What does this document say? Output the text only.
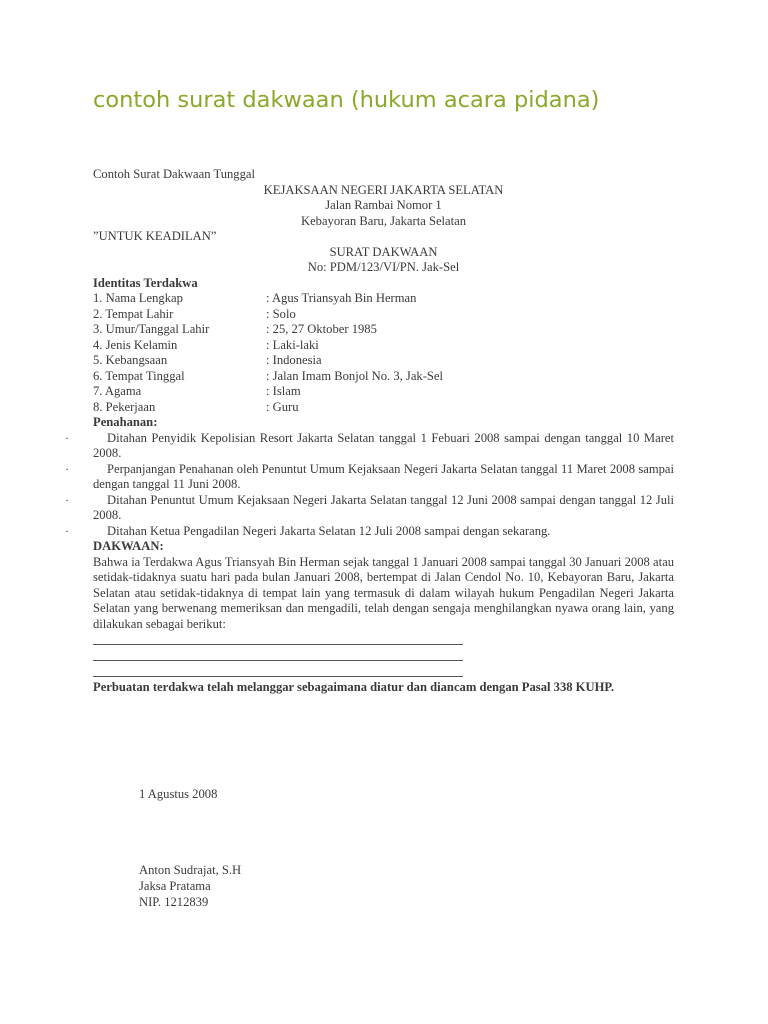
contoh surat dakwaan (hukum acara pidana)
Contoh Surat Dakwaan Tunggal
KEJAKSAAN NEGERI JAKARTA SELATAN
Jalan Rambai Nomor 1
Kebayoran Baru, Jakarta Selatan
”UNTUK KEADILAN”
SURAT DAKWAAN
No: PDM/123/VI/PN. Jak-Sel
Identitas Terdakwa
1. Nama Lengkap	: Agus Triansyah Bin Herman
2. Tempat Lahir	: Solo
3. Umur/Tanggal Lahir	: 25, 27 Oktober 1985
4. Jenis Kelamin	: Laki-laki
5. Kebangsaan	: Indonesia
6. Tempat Tinggal	: Jalan Imam Bonjol No. 3, Jak-Sel
7. Agama	: Islam
8. Pekerjaan	: Guru
Penahanan:
·	Ditahan Penyidik Kepolisian Resort Jakarta Selatan tanggal 1 Febuari 2008 sampai dengan tanggal 10 Maret 2008.
·	Perpanjangan Penahanan oleh Penuntut Umum Kejaksaan Negeri Jakarta Selatan tanggal 11 Maret 2008 sampai dengan tanggal 11 Juni 2008.
·	Ditahan Penuntut Umum Kejaksaan Negeri Jakarta Selatan tanggal 12 Juni 2008 sampai dengan tanggal 12 Juli 2008.
·	Ditahan Ketua Pengadilan Negeri Jakarta Selatan 12 Juli 2008 sampai dengan sekarang.
DAKWAAN:
Bahwa ia Terdakwa Agus Triansyah Bin Herman sejak tanggal 1 Januari 2008 sampai tanggal 30 Januari 2008 atau setidak-tidaknya suatu hari pada bulan Januari 2008, bertempat di Jalan Cendol No. 10, Kebayoran Baru, Jakarta Selatan atau setidak-tidaknya di tempat lain yang termasuk di dalam wilayah hukum Pengadilan Negeri Jakarta Selatan yang berwenang memeriksan dan mengadili, telah dengan sengaja menghilangkan nyawa orang lain, yang dilakukan sebagai berikut:
Perbuatan terdakwa telah melanggar sebagaimana diatur dan diancam dengan Pasal 338 KUHP.
1 Agustus 2008
Anton Sudrajat, S.H
Jaksa Pratama
NIP. 1212839
